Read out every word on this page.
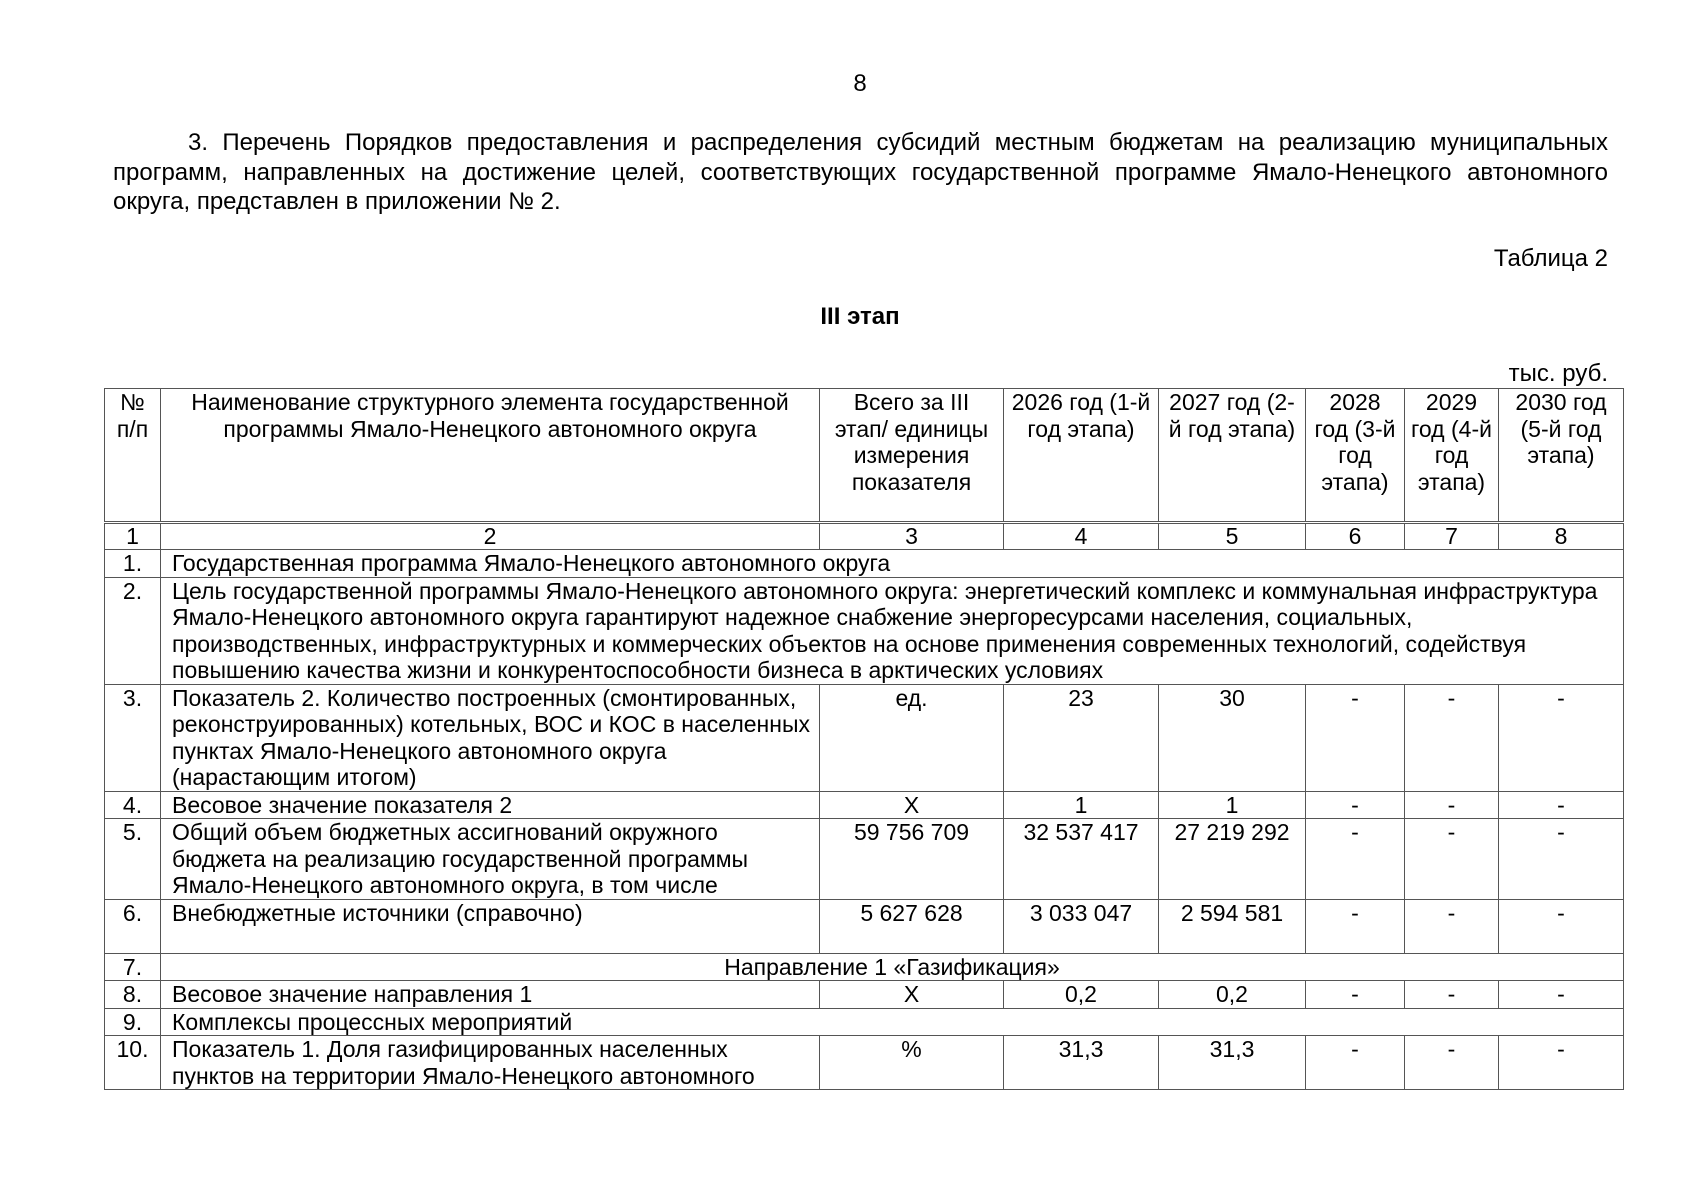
8
3. Перечень Порядков предоставления и распределения субсидий местным бюджетам на реализацию муниципальных программ, направленных на достижение целей, соответствующих государственной программе Ямало-Ненецкого автономного округа, представлен в приложении № 2.
Таблица 2
III этап
тыс. руб.
№ п/п	Наименование структурного элемента государственной программы Ямало-Ненецкого автономного округа	Всего за III этап/ единицы измерения показателя	2026 год (1-й год этапа)	2027 год (2-й год этапа)	2028 год (3-й год этапа)	2029 год (4-й год этапа)	2030 год (5-й год этапа)
1	2	3	4	5	6	7	8
1.	Государственная программа Ямало-Ненецкого автономного округа						
2.	Цель государственной программы Ямало-Ненецкого автономного округа: энергетический комплекс и коммунальная инфраструктура Ямало-Ненецкого автономного округа гарантируют надежное снабжение энергоресурсами населения, социальных, производственных, инфраструктурных и коммерческих объектов на основе применения современных технологий, содействуя повышению качества жизни и конкурентоспособности бизнеса в арктических условиях						
3.	Показатель 2. Количество построенных (смонтированных, реконструированных) котельных, ВОС и КОС в населенных пунктах Ямало-Ненецкого автономного округа (нарастающим итогом)	ед.	23	30	-	-	-
4.	Весовое значение показателя 2	Х	1	1	-	-	-
5.	Общий объем бюджетных ассигнований окружного бюджета на реализацию государственной программы Ямало-Ненецкого автономного округа, в том числе	59 756 709	32 537 417	27 219 292	-	-	-
6.	Внебюджетные источники (справочно)	5 627 628	3 033 047	2 594 581	-	-	-
7.	Направление 1 «Газификация»						
8.	Весовое значение направления 1	Х	0,2	0,2	-	-	-
9.	Комплексы процессных мероприятий						
10.	Показатель 1. Доля газифицированных населенных пунктов на территории Ямало-Ненецкого автономного	%	31,3	31,3	-	-	-
